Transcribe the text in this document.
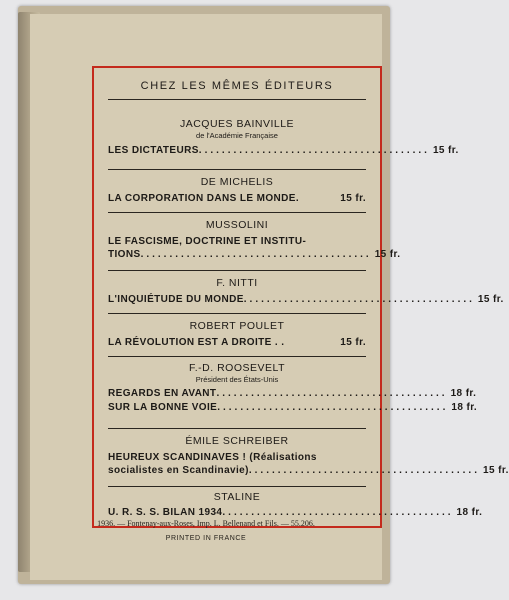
CHEZ LES MÊMES ÉDITEURS
JACQUES BAINVILLE
de l'Académie Française
LES DICTATEURS ........................................ 15 fr.
DE MICHELIS
LA CORPORATION DANS LE MONDE.	15 fr.
MUSSOLINI
LE FASCISME, DOCTRINE ET INSTITU-
TIONS ........................................ 15 fr.
F. NITTI
L'INQUIÉTUDE DU MONDE ........................................ 15 fr.
ROBERT POULET
LA RÉVOLUTION EST A DROITE . .	15 fr.
F.-D. ROOSEVELT
Président des États-Unis
REGARDS EN AVANT ........................................ 18 fr.
SUR LA BONNE VOIE ........................................ 18 fr.
ÉMILE SCHREIBER
HEUREUX SCANDINAVES ! (Réalisations
socialistes en Scandinavie) ........................................ 15 fr.
STALINE
U. R. S. S. BILAN 1934 ........................................ 18 fr.
1936. — Fontenay-aux-Roses, Imp. L. Bellenand et Fils. — 55.206.
PRINTED IN FRANCE
